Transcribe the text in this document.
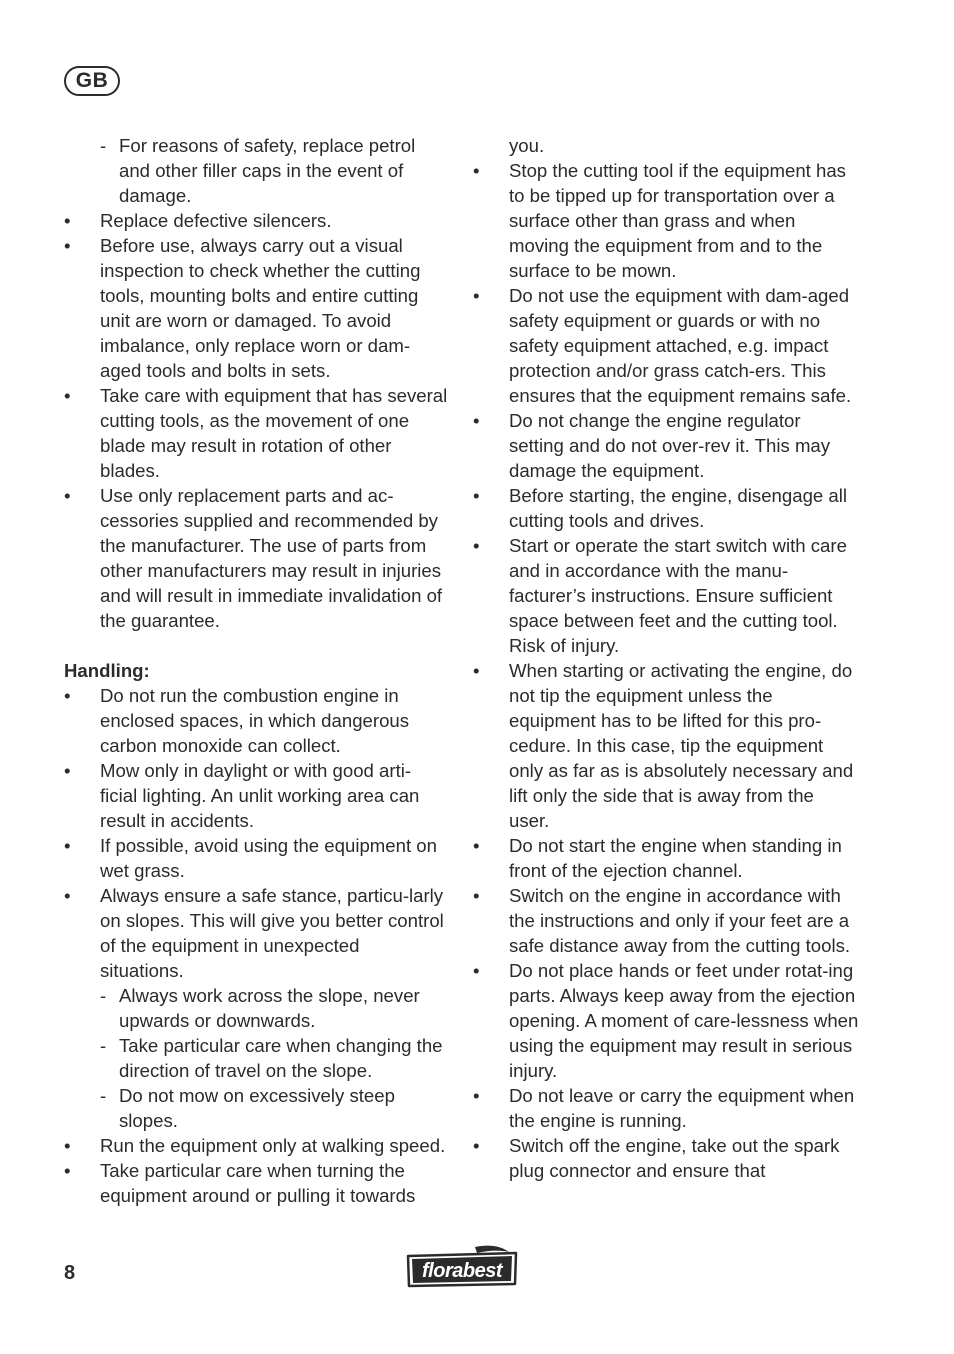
GB
- For reasons of safety, replace petrol and other filler caps in the event of damage.
• Replace defective silencers.
• Before use, always carry out a visual inspection to check whether the cutting tools, mounting bolts and entire cutting unit are worn or damaged. To avoid imbalance, only replace worn or dam-aged tools and bolts in sets.
• Take care with equipment that has several cutting tools, as the movement of one blade may result in rotation of other blades.
• Use only replacement parts and ac-cessories supplied and recommended by the manufacturer. The use of parts from other manufacturers may result in injuries and will result in immediate invalidation of the guarantee.
Handling:
• Do not run the combustion engine in enclosed spaces, in which dangerous carbon monoxide can collect.
• Mow only in daylight or with good arti-ficial lighting. An unlit working area can result in accidents.
• If possible, avoid using the equipment on wet grass.
• Always ensure a safe stance, particu-larly on slopes. This will give you better control of the equipment in unexpected situations.
- Always work across the slope, never upwards or downwards.
- Take particular care when changing the direction of travel on the slope.
- Do not mow on excessively steep slopes.
• Run the equipment only at walking speed.
• Take particular care when turning the equipment around or pulling it towards
you.
• Stop the cutting tool if the equipment has to be tipped up for transportation over a surface other than grass and when moving the equipment from and to the surface to be mown.
• Do not use the equipment with dam-aged safety equipment or guards or with no safety equipment attached, e.g. impact protection and/or grass catch-ers. This ensures that the equipment remains safe.
• Do not change the engine regulator setting and do not over-rev it. This may damage the equipment.
• Before starting, the engine, disengage all cutting tools and drives.
• Start or operate the start switch with care and in accordance with the manu-facturer’s instructions. Ensure sufficient space between feet and the cutting tool. Risk of injury.
• When starting or activating the engine, do not tip the equipment unless the equipment has to be lifted for this pro-cedure. In this case, tip the equipment only as far as is absolutely necessary and lift only the side that is away from the user.
• Do not start the engine when standing in front of the ejection channel.
• Switch on the engine in accordance with the instructions and only if your feet are a safe distance away from the cutting tools.
• Do not place hands or feet under rotat-ing parts. Always keep away from the ejection opening. A moment of care-lessness when using the equipment may result in serious injury.
• Do not leave or carry the equipment when the engine is running.
• Switch off the engine, take out the spark plug connector and ensure that
8	florabest
